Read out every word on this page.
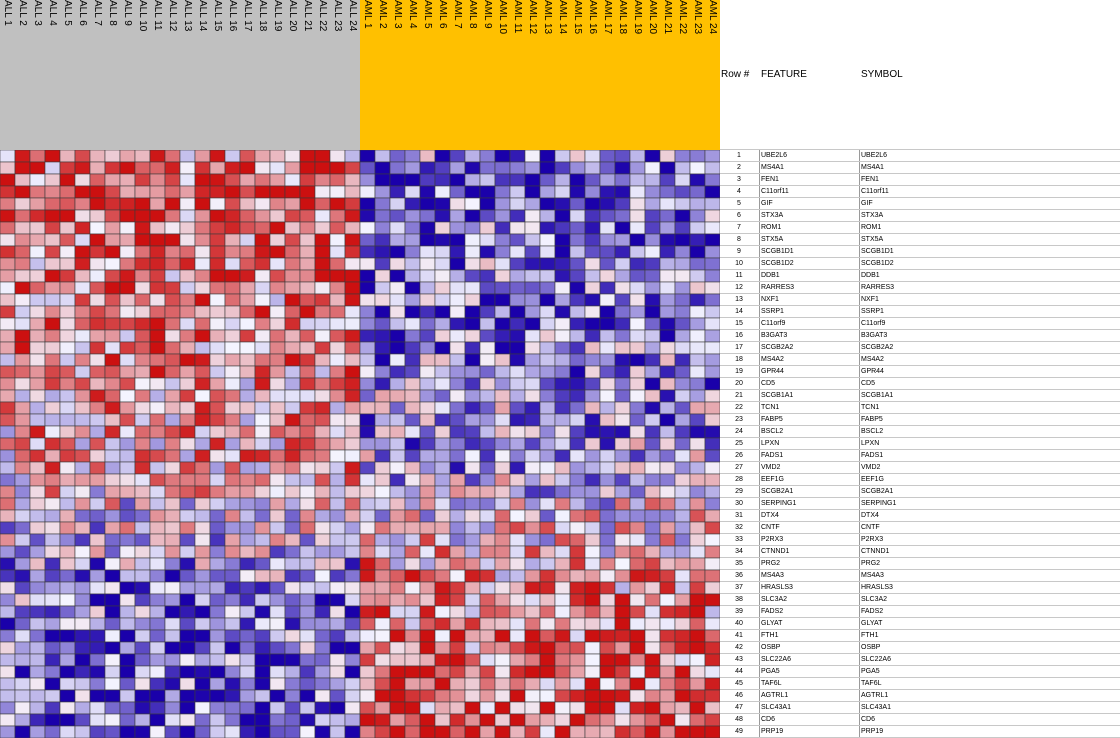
ALL 1 ALL 2 ALL 3 ALL 4 ALL 5 ALL 6 ALL 7 ALL 8 ALL 9 ALL 10 ALL 11 ALL 12 ALL 13 ALL 14 ALL 15 ALL 16 ALL 17 ALL 18 ALL 19 ALL 20 ALL 21 ALL 22 ALL 23 ALL 24 AML 1 AML 2 AML 3 AML 4 AML 5 AML 6 AML 7 AML 8 AML 9 AML 10 AML 11 AML 12 AML 13 AML 14 AML 15 AML 16 AML 17 AML 18 AML 19 AML 20 AML 21 AML 22 AML 23 AML 24
Row # FEATURE	SYMBOL
1	UBE2L6	UBE2L6
2	MS4A1	MS4A1
3	FEN1	FEN1
4	C11orf11	C11orf11
5	GIF	GIF
6	STX3A	STX3A
7	ROM1	ROM1
8	STX5A	STX5A
9	SCGB1D1	SCGB1D1
10	SCGB1D2	SCGB1D2
11	DDB1	DDB1
12	RARRES3	RARRES3
13	NXF1	NXF1
14	SSRP1	SSRP1
15	C11orf9	C11orf9
16	B3GAT3	B3GAT3
17	SCGB2A2	SCGB2A2
18	MS4A2	MS4A2
19	GPR44	GPR44
20	CD5	CD5
21	SCGB1A1	SCGB1A1
22	TCN1	TCN1
23	FABP5	FABP5
24	BSCL2	BSCL2
25	LPXN	LPXN
26	FADS1	FADS1
27	VMD2	VMD2
28	EEF1G	EEF1G
29	SCGB2A1	SCGB2A1
30	SERPING1	SERPING1
31	DTX4	DTX4
32	CNTF	CNTF
33	P2RX3	P2RX3
34	CTNND1	CTNND1
35	PRG2	PRG2
36	MS4A3	MS4A3
37	HRASLS3	HRASLS3
38	SLC3A2	SLC3A2
39	FADS2	FADS2
40	GLYAT	GLYAT
41	FTH1	FTH1
42	OSBP	OSBP
43	SLC22A6	SLC22A6
44	PGA5	PGA5
45	TAF6L	TAF6L
46	AGTRL1	AGTRL1
47	SLC43A1	SLC43A1
48	CD6	CD6
49	PRP19	PRP19
